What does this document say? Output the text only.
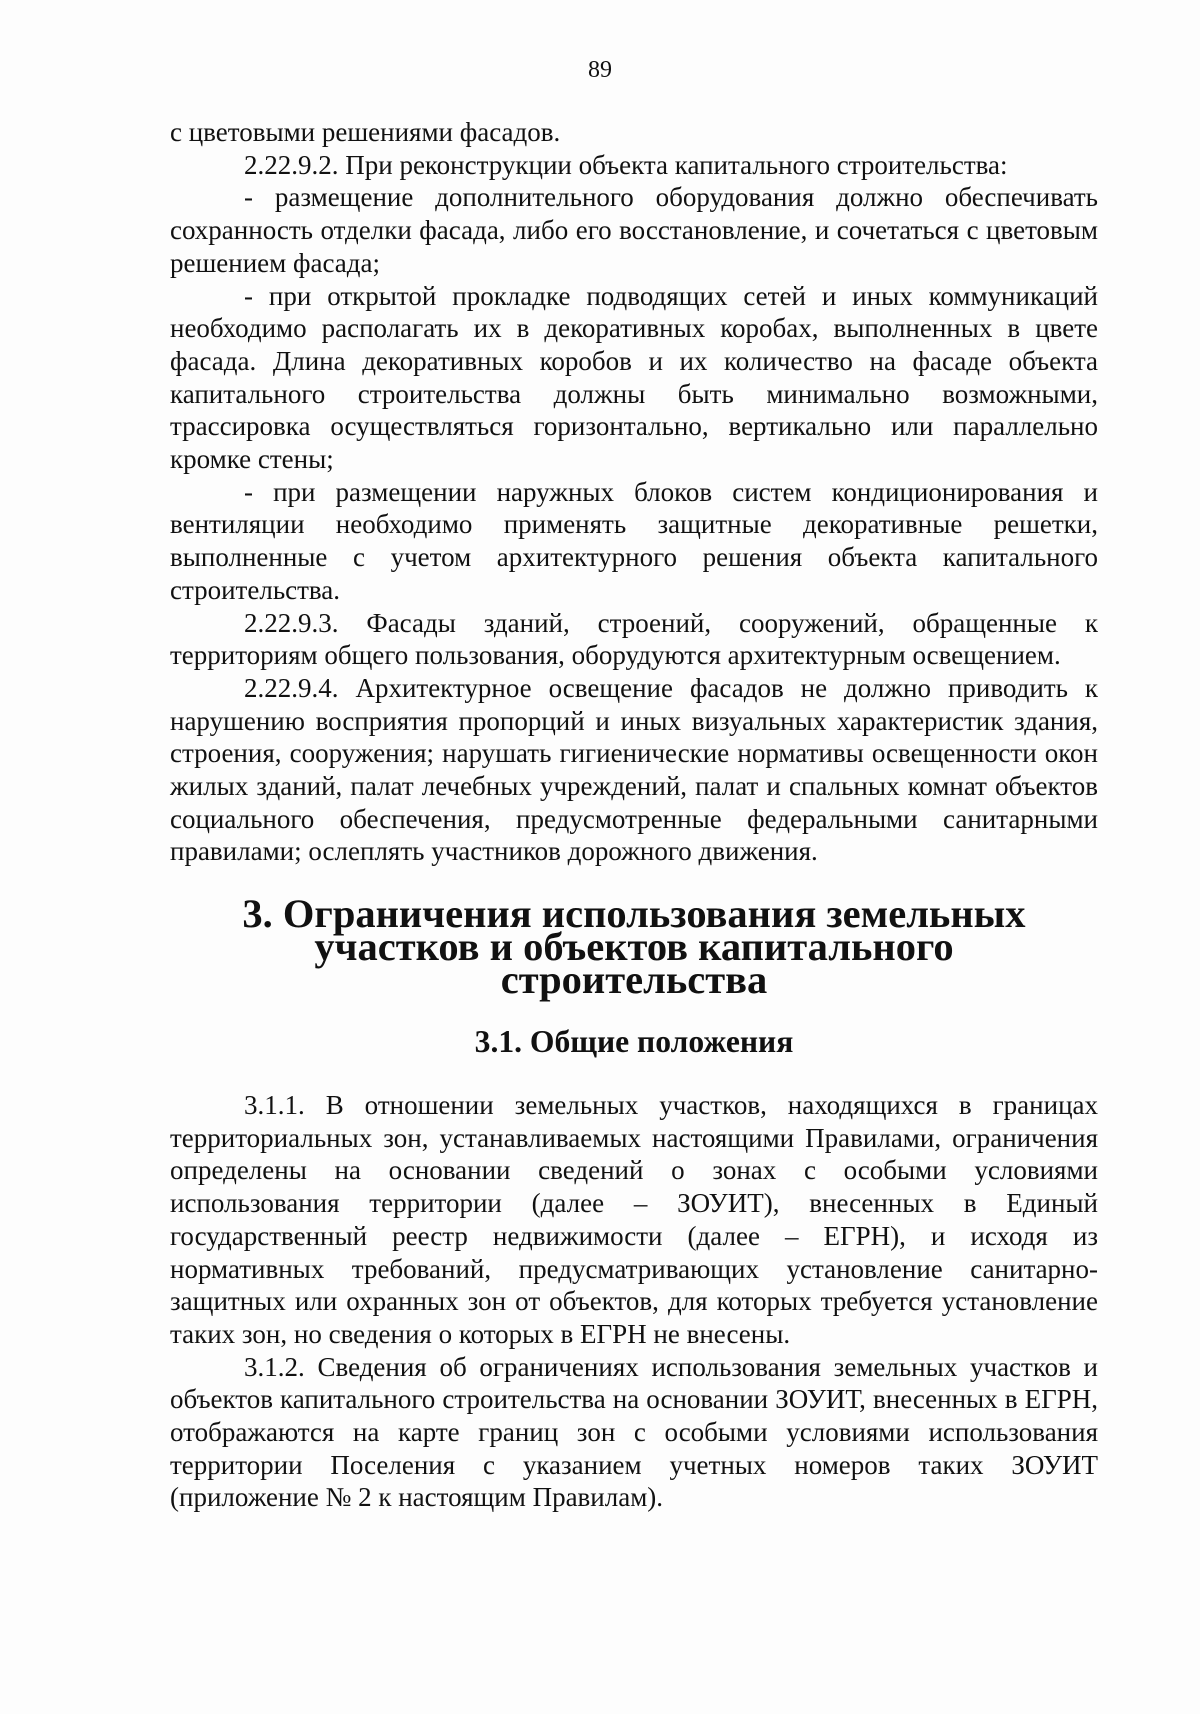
89

с цветовыми решениями фасадов.

2.22.9.2. При реконструкции объекта капитального строительства:

- размещение дополнительного оборудования должно обеспечивать сохранность отделки фасада, либо его восстановление, и сочетаться с цветовым решением фасада;

- при открытой прокладке подводящих сетей и иных коммуникаций необходимо располагать их в декоративных коробах, выполненных в цвете фасада. Длина декоративных коробов и их количество на фасаде объекта капитального строительства должны быть минимально возможными, трассировка осуществляться горизонтально, вертикально или параллельно кромке стены;

- при размещении наружных блоков систем кондиционирования и вентиляции необходимо применять защитные декоративные решетки, выполненные с учетом архитектурного решения объекта капитального строительства.

2.22.9.3. Фасады зданий, строений, сооружений, обращенные к территориям общего пользования, оборудуются архитектурным освещением.

2.22.9.4. Архитектурное освещение фасадов не должно приводить к нарушению восприятия пропорций и иных визуальных характеристик здания, строения, сооружения; нарушать гигиенические нормативы освещенности окон жилых зданий, палат лечебных учреждений, палат и спальных комнат объектов социального обеспечения, предусмотренные федеральными санитарными правилами; ослеплять участников дорожного движения.

3. Ограничения использования земельных участков и объектов капитального строительства
3.1. Общие положения

3.1.1. В отношении земельных участков, находящихся в границах территориальных зон, устанавливаемых настоящими Правилами, ограничения определены на основании сведений о зонах с особыми условиями использования территории (далее – ЗОУИТ), внесенных в Единый государственный реестр недвижимости (далее – ЕГРН), и исходя из нормативных требований, предусматривающих установление санитарно-защитных или охранных зон от объектов, для которых требуется установление таких зон, но сведения о которых в ЕГРН не внесены.

3.1.2. Сведения об ограничениях использования земельных участков и объектов капитального строительства на основании ЗОУИТ, внесенных в ЕГРН, отображаются на карте границ зон с особыми условиями использования территории Поселения с указанием учетных номеров таких ЗОУИТ (приложение № 2 к настоящим Правилам).
